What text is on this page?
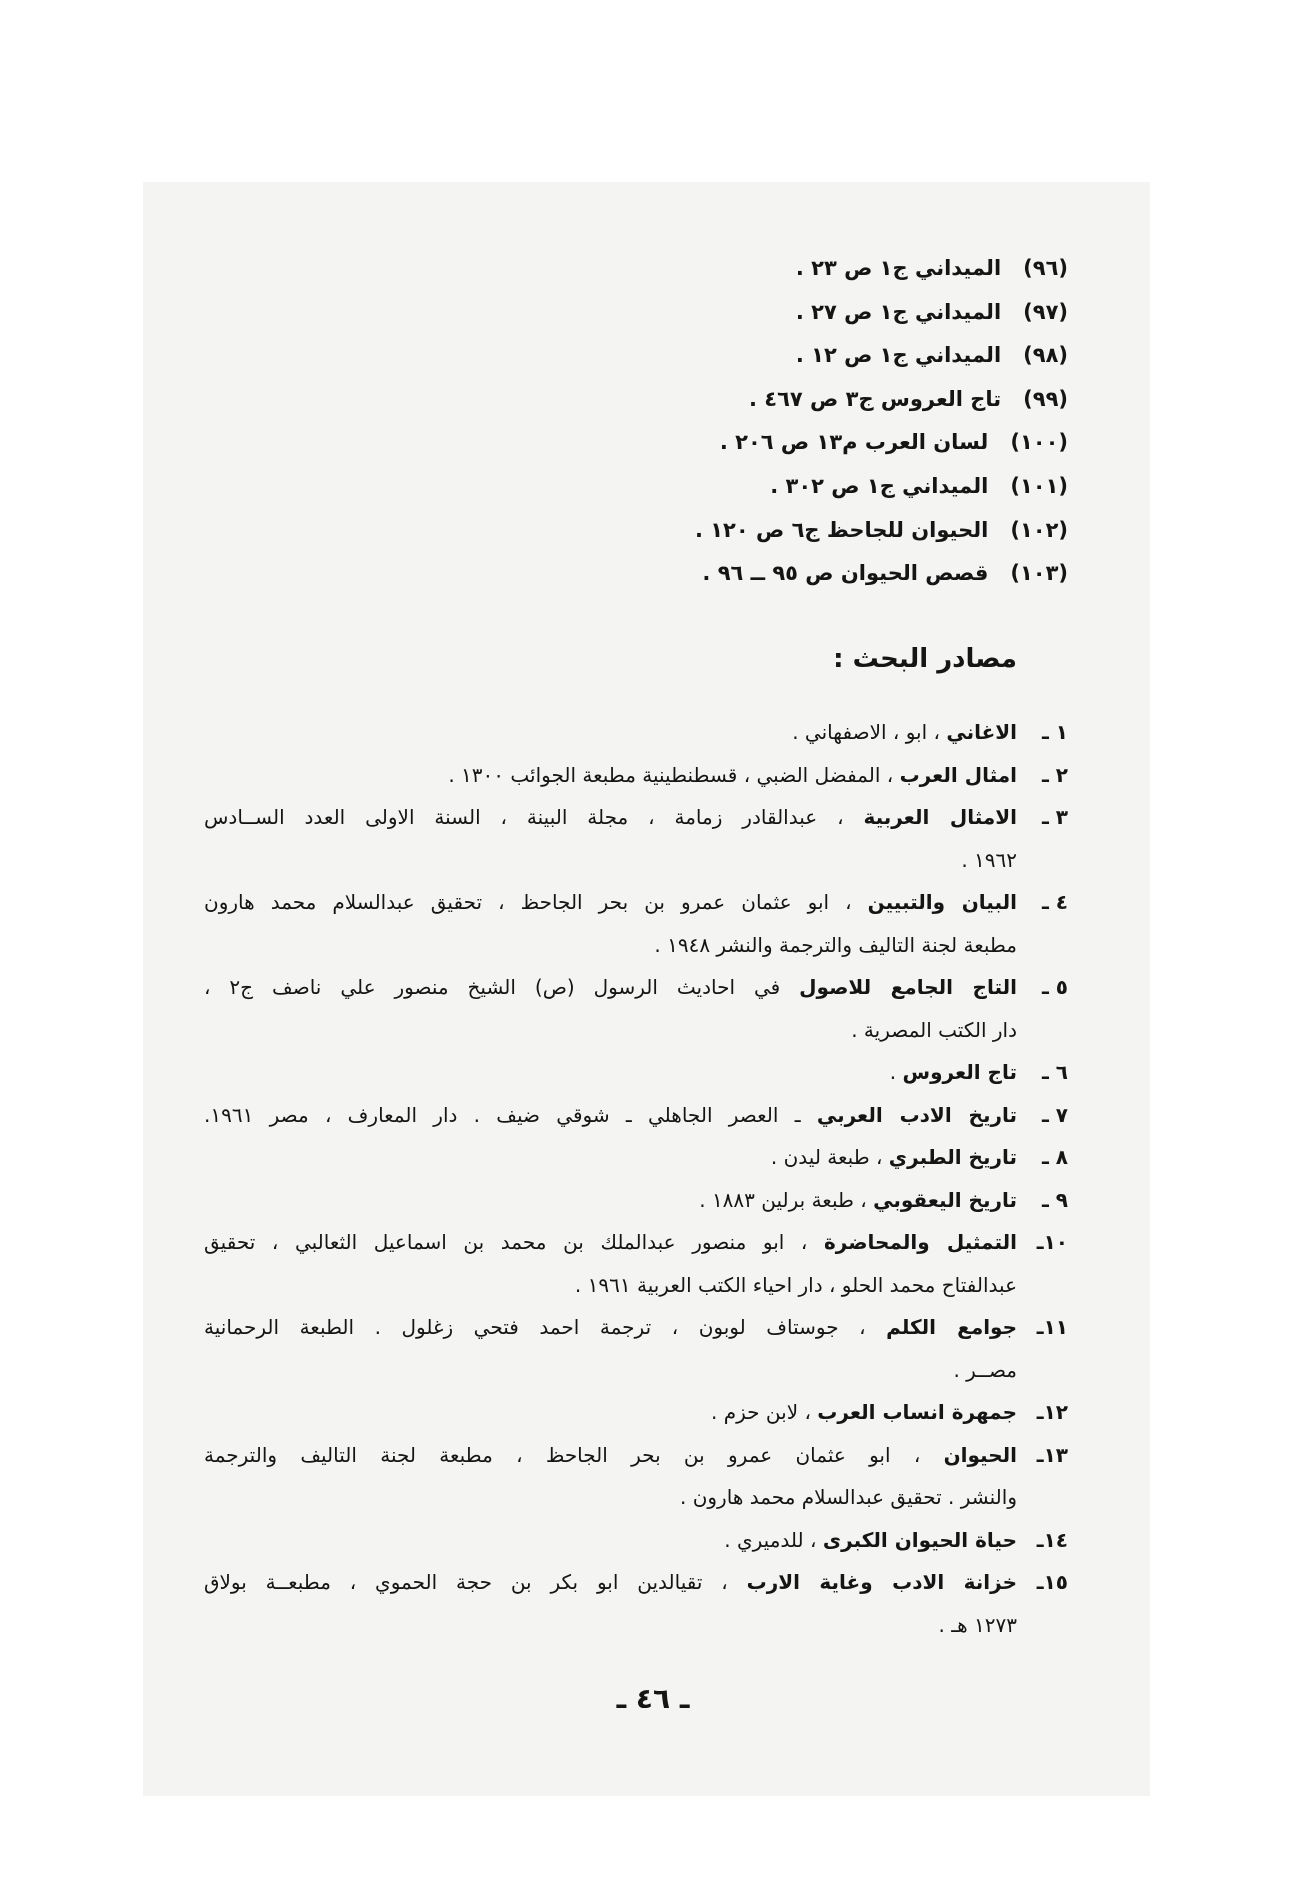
(٩٦)الميداني ج١ ص ٢٣ .
(٩٧)الميداني ج١ ص ٢٧ .
(٩٨)الميداني ج١ ص ١٢ .
(٩٩)تاج العروس ج٣ ص ٤٦٧ .
(١٠٠)لسان العرب م١٣ ص ٢٠٦ .
(١٠١)الميداني ج١ ص ٣٠٢ .
(١٠٢)الحيوان للجاحظ ج٦ ص ١٢٠ .
(١٠٣)قصص الحيوان ص ٩٥ ــ ٩٦ .
مصادر البحث :
١ ـ
الاغاني ، ابو ، الاصفهاني .
٢ ـ
امثال العرب ، المفضل الضبي ، قسطنطينية مطبعة الجوائب ١٣٠٠ .
٣ ـ
الامثال العربية ، عبدالقادر زمامة ، مجلة البينة ، السنة الاولى العدد الســادس
١٩٦٢ .
٤ ـ
البيان والتبيين ، ابو عثمان عمرو بن بحر الجاحظ ، تحقيق عبدالسلام محمد هارون
مطبعة لجنة التاليف والترجمة والنشر ١٩٤٨ .
٥ ـ
التاج الجامع للاصول في احاديث الرسول (ص) الشيخ منصور علي ناصف ج٢ ،
دار الكتب المصرية .
٦ ـ
تاج العروس .
٧ ـ
تاريخ الادب العربي ـ العصر الجاهلي ـ شوقي ضيف . دار المعارف ، مصر ١٩٦١.
٨ ـ
تاريخ الطبري ، طبعة ليدن .
٩ ـ
تاريخ اليعقوبي ، طبعة برلين ١٨٨٣ .
١٠ـ
التمثيل والمحاضرة ، ابو منصور عبدالملك بن محمد بن اسماعيل الثعالبي ، تحقيق
عبدالفتاح محمد الحلو ، دار احياء الكتب العربية ١٩٦١ .
١١ـ
جوامع الكلم ، جوستاف لوبون ، ترجمة احمد فتحي زغلول . الطبعة الرحمانية
مصــر .
١٢ـ
جمهرة انساب العرب ، لابن حزم .
١٣ـ
الحيوان ، ابو عثمان عمرو بن بحر الجاحظ ، مطبعة لجنة التاليف والترجمة
والنشر . تحقيق عبدالسلام محمد هارون .
١٤ـ
حياة الحيوان الكبرى ، للدميري .
١٥ـ
خزانة الادب وغاية الارب ، تقيالدين ابو بكر بن حجة الحموي ، مطبعــة بولاق
١٢٧٣ هـ .
ـ ٤٦ ـ
